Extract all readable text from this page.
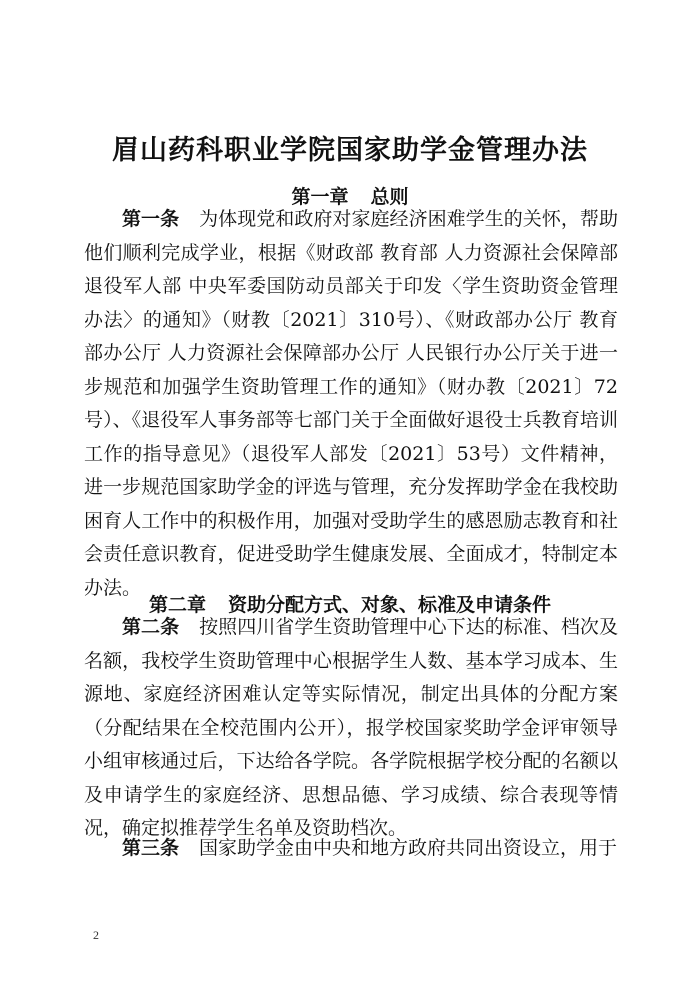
眉山药科职业学院国家助学金管理办法
第一章 总则

第一条 为体现党和政府对家庭经济困难学生的关怀，帮助他们顺利完成学业，根据《财政部 教育部 人力资源社会保障部 退役军人部 中央军委国防动员部关于印发〈学生资助资金管理办法〉的通知》（财教〔2021〕310号）、《财政部办公厅 教育部办公厅 人力资源社会保障部办公厅 人民银行办公厅关于进一步规范和加强学生资助管理工作的通知》（财办教〔2021〕72号）、《退役军人事务部等七部门关于全面做好退役士兵教育培训工作的指导意见》（退役军人部发〔2021〕53号）文件精神，进一步规范国家助学金的评选与管理，充分发挥助学金在我校助困育人工作中的积极作用，加强对受助学生的感恩励志教育和社会责任意识教育，促进受助学生健康发展、全面成才，特制定本办法。

第二章 资助分配方式、对象、标准及申请条件

第二条 按照四川省学生资助管理中心下达的标准、档次及名额，我校学生资助管理中心根据学生人数、基本学习成本、生源地、家庭经济困难认定等实际情况，制定出具体的分配方案（分配结果在全校范围内公开），报学校国家奖助学金评审领导小组审核通过后，下达给各学院。各学院根据学校分配的名额以及申请学生的家庭经济、思想品德、学习成绩、综合表现等情况，确定拟推荐学生名单及资助档次。

第三条 国家助学金由中央和地方政府共同出资设立，用于

2
